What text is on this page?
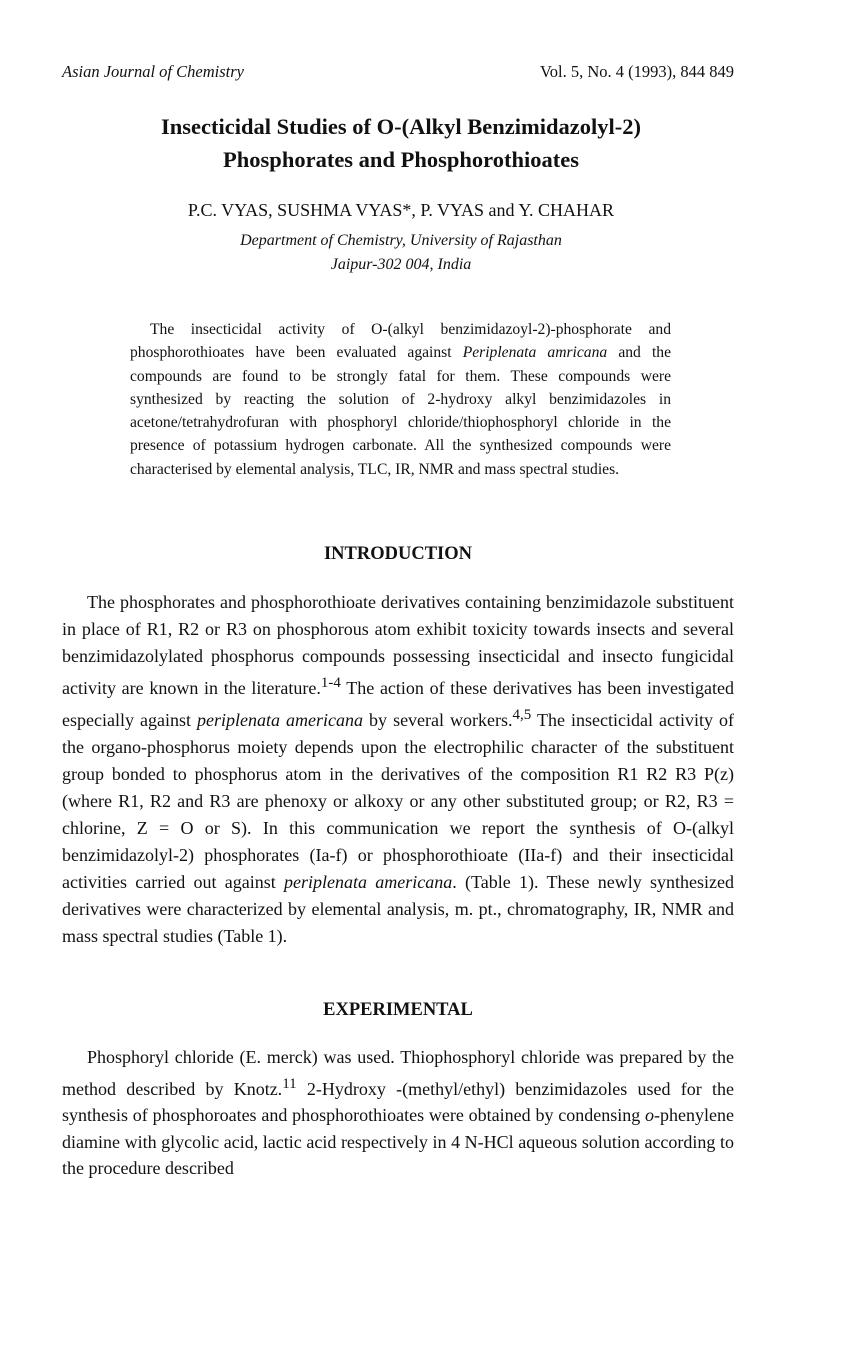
Asian Journal of Chemistry	Vol. 5, No. 4 (1993), 844 849
Insecticidal Studies of O-(Alkyl Benzimidazolyl-2)
Phosphorates and Phosphorothioates
P.C. VYAS, SUSHMA VYAS*, P. VYAS and Y. CHAHAR
Department of Chemistry, University of Rajasthan
Jaipur-302 004, India

The insecticidal activity of O-(alkyl benzimidazoyl-2)-phosphorate and phosphorothioates have been evaluated against Periplenata amricana and the compounds are found to be strongly fatal for them. These compounds were synthesized by reacting the solution of 2-hydroxy alkyl benzimidazoles in acetone/tetrahydrofuran with phosphoryl chloride/thiophosphoryl chloride in the presence of potassium hydrogen carbonate. All the synthesized compounds were characterised by elemental analysis, TLC, IR, NMR and mass spectral studies.

INTRODUCTION

The phosphorates and phosphorothioate derivatives containing benzimidazole substituent in place of R1, R2 or R3 on phosphorous atom exhibit toxicity towards insects and several benzimidazolylated phosphorus compounds possessing insecticidal and insecto fungicidal activity are known in the literature.$^{1-4}$ The action of these derivatives has been investigated especially against periplenata americana by several workers.$^{4,5}$ The insecticidal activity of the organo-phosphorus moiety depends upon the electrophilic character of the substituent group bonded to phosphorus atom in the derivatives of the composition R1 R2 R3 P(z) (where R1, R2 and R3 are phenoxy or alkoxy or any other substituted group; or R2, R3 = chlorine, Z = O or S). In this communication we report the synthesis of O-(alkyl benzimidazolyl-2) phosphorates (Ia-f) or phosphorothioate (IIa-f) and their insecticidal activities carried out against periplenata americana. (Table 1). These newly synthesized derivatives were characterized by elemental analysis, m. pt., chromatography, IR, NMR and mass spectral studies (Table 1).

EXPERIMENTAL

Phosphoryl chloride (E. merck) was used. Thiophosphoryl chloride was prepared by the method described by Knotz.$^{11}$ 2-Hydroxy -(methyl/ethyl) benzimidazoles used for the synthesis of phosphoroates and phosphorothioates were obtained by condensing o-phenylene diamine with glycolic acid, lactic acid respectively in 4 N-HCl aqueous solution according to the procedure described
